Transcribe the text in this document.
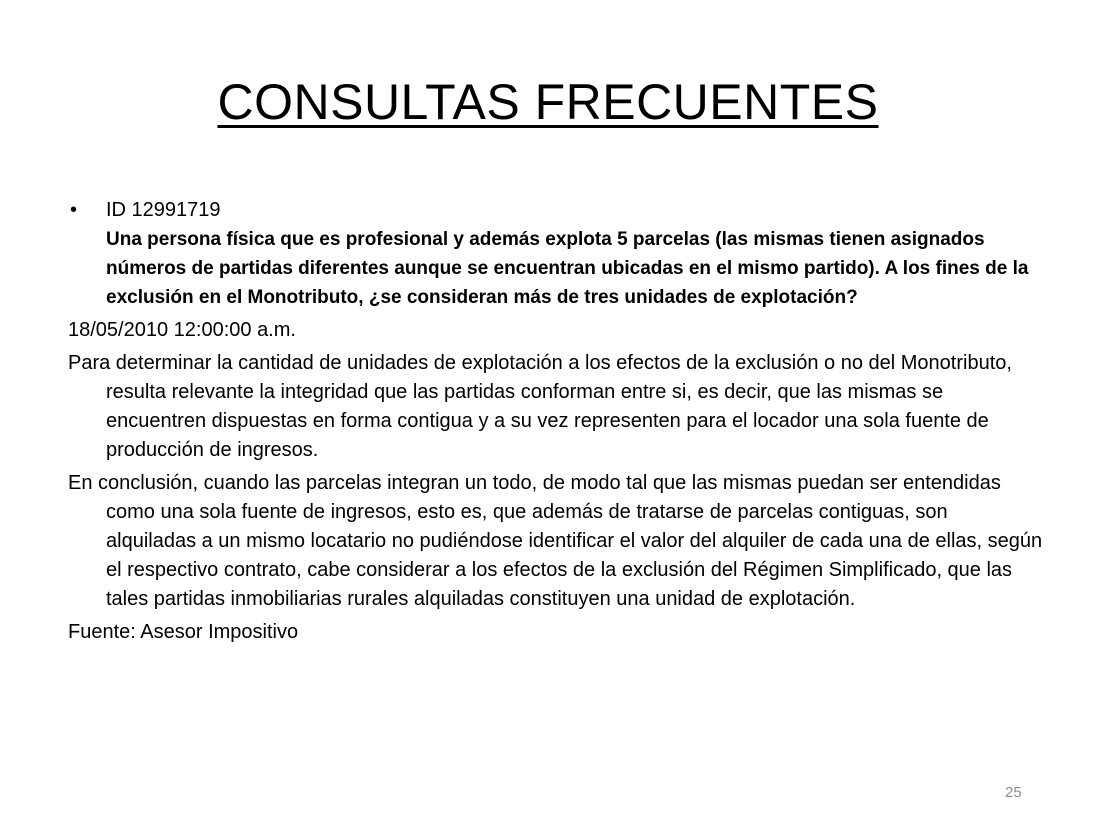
CONSULTAS FRECUENTES
• ID 12991719
Una persona física que es profesional y además explota 5 parcelas (las mismas tienen asignados números de partidas diferentes aunque se encuentran ubicadas en el mismo partido). A los fines de la exclusión en el Monotributo, ¿se consideran más de tres unidades de explotación?
18/05/2010 12:00:00 a.m.
Para determinar la cantidad de unidades de explotación a los efectos de la exclusión o no del Monotributo, resulta relevante la integridad que las partidas conforman entre si, es decir, que las mismas se encuentren dispuestas en forma contigua y a su vez representen para el locador una sola fuente de producción de ingresos.
En conclusión, cuando las parcelas integran un todo, de modo tal que las mismas puedan ser entendidas como una sola fuente de ingresos, esto es, que además de tratarse de parcelas contiguas, son alquiladas a un mismo locatario no pudiéndose identificar el valor del alquiler de cada una de ellas, según el respectivo contrato, cabe considerar a los efectos de la exclusión del Régimen Simplificado, que las tales partidas inmobiliarias rurales alquiladas constituyen una unidad de explotación.
Fuente: Asesor Impositivo
25
